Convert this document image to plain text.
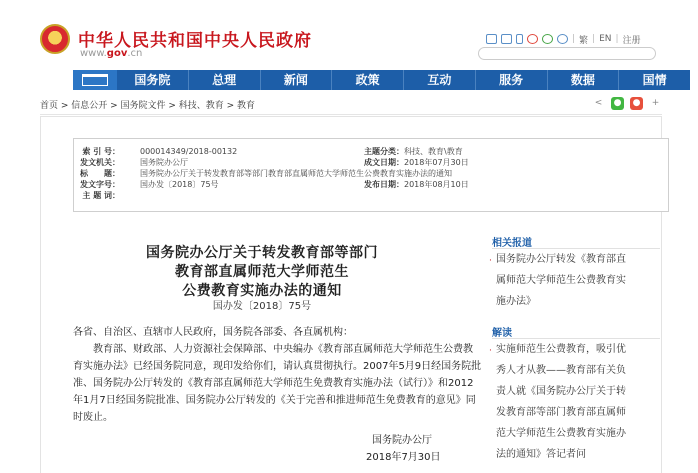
★ 中华人民共和国中央人民政府
www.gov.cn
| 繁 | EN | 注册
国务院	总理	新闻	政策	互动	服务	数据	国情
首页 > 信息公开 > 国务院文件 > 科技、教育 > 教育	<	● ●	+
索 引 号：	000014349/2018-00132	主题分类： 科技、教育\教育
发文机关：	国务院办公厅	成文日期： 2018年07月30日
标　　题：	国务院办公厅关于转发教育部等部门教育部直属师范大学师范生公费教育实施办法的通知
发文字号：	国办发〔2018〕75号	发布日期： 2018年08月10日
主 题 词：
国务院办公厅关于转发教育部等部门
教育部直属师范大学师范生
公费教育实施办法的通知
国办发〔2018〕75号
各省、自治区、直辖市人民政府，国务院各部委、各直属机构：
教育部、财政部、人力资源社会保障部、中央编办《教育部直属师范大学师范生公费教
育实施办法》已经国务院同意，现印发给你们，请认真贯彻执行。2007年5月9日经国务院批
准、国务院办公厅转发的《教育部直属师范大学师范生免费教育实施办法（试行）》和2012
年1月7日经国务院批准、国务院办公厅转发的《关于完善和推进师范生免费教育的意见》同
时废止。
国务院办公厅
2018年7月30日
相关报道
· 国务院办公厅转发《教育部直
属师范大学师范生公费教育实
施办法》
解读
· 实施师范生公费教育，吸引优
秀人才从教——教育部有关负
责人就《国务院办公厅关于转
发教育部等部门教育部直属师
范大学师范生公费教育实施办
法的通知》答记者问
